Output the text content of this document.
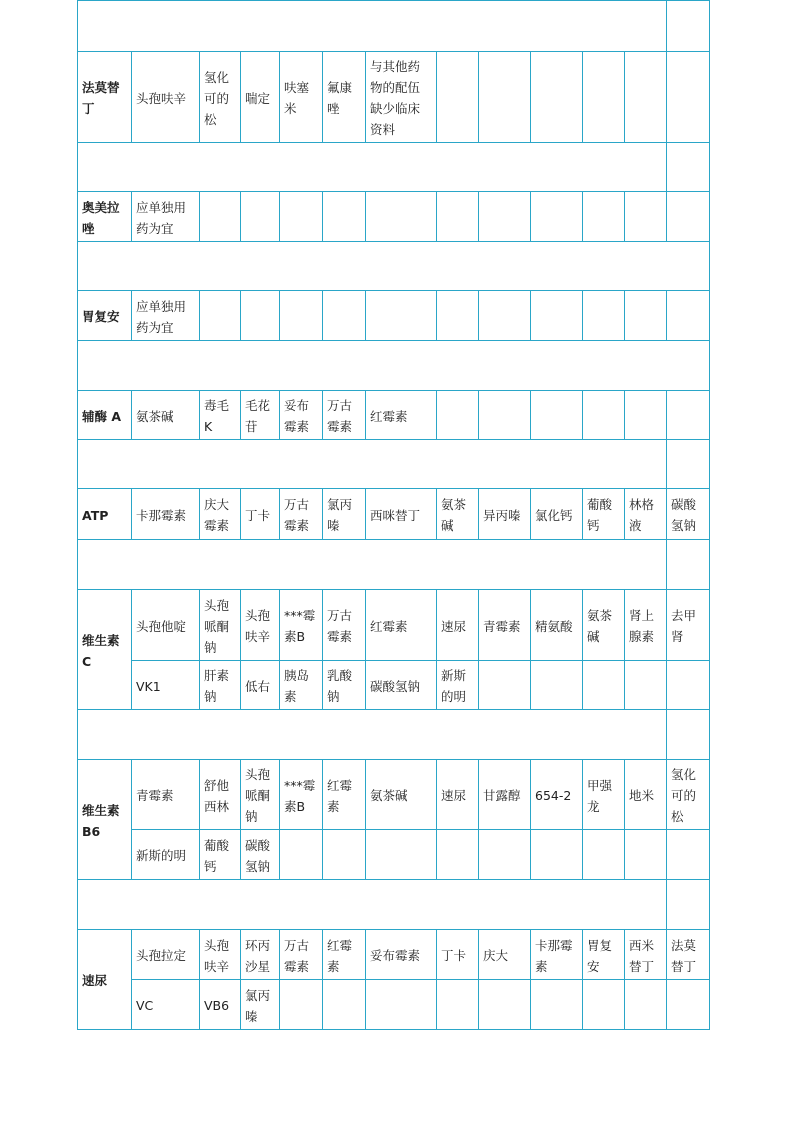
法莫替丁	头孢呋辛	氢化可的松	喘定	呋塞米	氟康唑	与其他药物的配伍缺少临床资料							

奥美拉唑	应单独用药为宜												

胃复安	应单独用药为宜												

辅酶 A	氨茶碱	毒毛K	毛花苷	妥布霉素	万古霉素	红霉素							

ATP	卡那霉素	庆大霉素	丁卡	万古霉素	氯丙嗪	西咪替丁	氨茶碱	异丙嗪	氯化钙	葡酸钙	林格液	碳酸氢钠	

维生素C	头孢他啶	头孢哌酮钠	头孢呋辛	***霉素B	万古霉素	红霉素	速尿	青霉素	精氨酸	氨茶碱	肾上腺素	去甲肾	
	VK1	肝素钠	低右	胰岛素	乳酸钠	碳酸氢钠	新斯的明						

维生素B6	青霉素	舒他西林	头孢哌酮钠	***霉素B	红霉素	氨茶碱	速尿	甘露醇	654-2	甲强龙	地米	氢化可的松	
	新斯的明	葡酸钙	碳酸氢钠										

速尿	头孢拉定	头孢呋辛	环丙沙星	万古霉素	红霉素	妥布霉素	丁卡	庆大	卡那霉素	胃复安	西米替丁	法莫替丁	
	VC	VB6	氯丙嗪										
